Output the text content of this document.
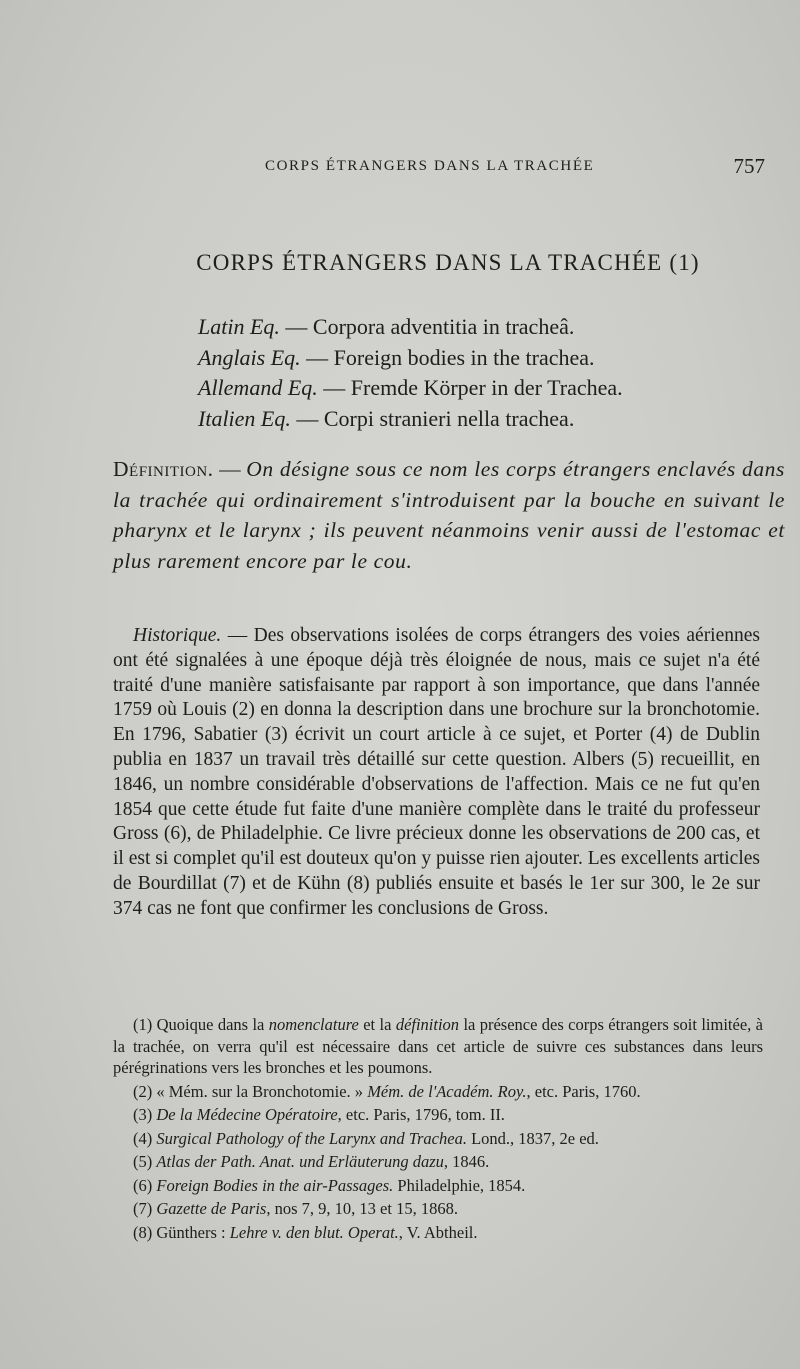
CORPS ÉTRANGERS DANS LA TRACHÉE	757
CORPS ÉTRANGERS DANS LA TRACHÉE (1)
Latin Eq. — Corpora adventitia in tracheâ.
Anglais Eq. — Foreign bodies in the trachea.
Allemand Eq. — Fremde Körper in der Trachea.
Italien Eq. — Corpi stranieri nella trachea.
Définition. — On désigne sous ce nom les corps étrangers enclavés dans la trachée qui ordinairement s'introduisent par la bouche en suivant le pharynx et le larynx ; ils peuvent néanmoins venir aussi de l'estomac et plus rarement encore par le cou.

Historique. — Des observations isolées de corps étrangers des voies aériennes ont été signalées à une époque déjà très éloignée de nous, mais ce sujet n'a été traité d'une manière satisfaisante par rapport à son importance, que dans l'année 1759 où Louis (2) en donna la description dans une brochure sur la bronchotomie. En 1796, Sabatier (3) écrivit un court article à ce sujet, et Porter (4) de Dublin publia en 1837 un travail très détaillé sur cette question. Albers (5) recueillit, en 1846, un nombre considérable d'observations de l'affection. Mais ce ne fut qu'en 1854 que cette étude fut faite d'une manière complète dans le traité du professeur Gross (6), de Philadelphie. Ce livre précieux donne les observations de 200 cas, et il est si complet qu'il est douteux qu'on y puisse rien ajouter. Les excellents articles de Bourdillat (7) et de Kühn (8) publiés ensuite et basés le 1er sur 300, le 2e sur 374 cas ne font que confirmer les conclusions de Gross.

(1) Quoique dans la nomenclature et la définition la présence des corps étrangers soit limitée, à la trachée, on verra qu'il est nécessaire dans cet article de suivre ces substances dans leurs pérégrinations vers les bronches et les poumons.

(2) « Mém. sur la Bronchotomie. » Mém. de l'Académ. Roy., etc. Paris, 1760.

(3) De la Médecine Opératoire, etc. Paris, 1796, tom. II.

(4) Surgical Pathology of the Larynx and Trachea. Lond., 1837, 2e ed.

(5) Atlas der Path. Anat. und Erläuterung dazu, 1846.

(6) Foreign Bodies in the air-Passages. Philadelphie, 1854.

(7) Gazette de Paris, nos 7, 9, 10, 13 et 15, 1868.

(8) Günthers : Lehre v. den blut. Operat., V. Abtheil.
